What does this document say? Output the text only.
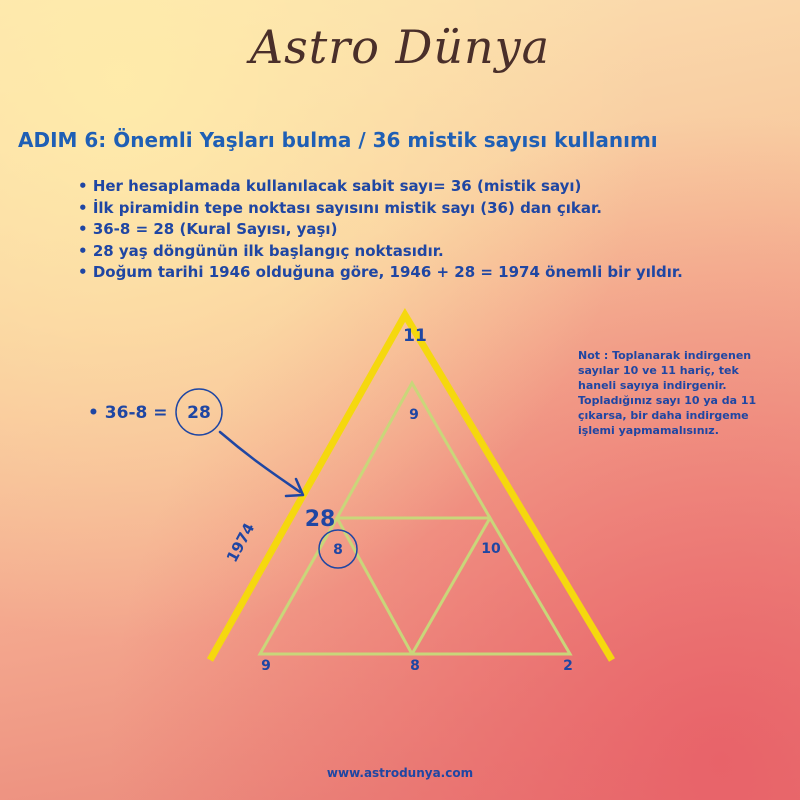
Astro Dünya
ADIM 6: Önemli Yaşları bulma / 36 mistik sayısı kullanımı
• Her hesaplamada kullanılacak sabit sayı= 36 (mistik sayı)
• İlk piramidin tepe noktası sayısını mistik sayı (36) dan çıkar.
• 36-8 = 28 (Kural Sayısı, yaşı)
• 28 yaş döngünün ilk başlangıç noktasıdır.
• Doğum tarihi 1946 olduğuna göre, 1946 + 28 = 1974 önemli bir yıldır.
Not : Toplanarak indirgenen sayılar 10 ve 11 hariç, tek haneli sayıya indirgenir. Topladığınız sayı 10 ya da 11 çıkarsa, bir daha indirgeme işlemi yapmamalısınız.
• 36-8 = 28
11
9
28
1974	8	10
9	8	2
www.astrodunya.com
